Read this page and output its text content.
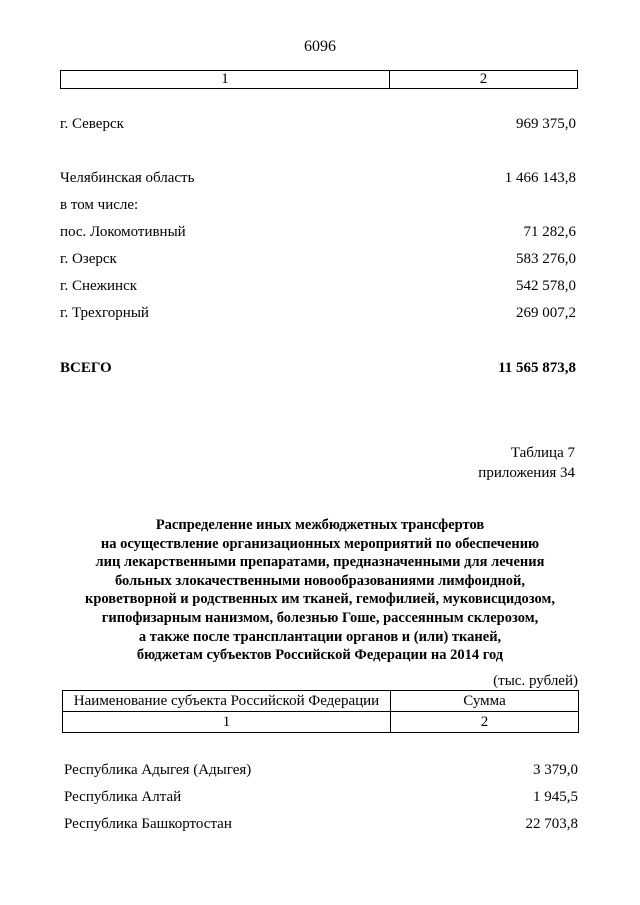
6096
1	2
г. Северск	969 375,0
Челябинская область	1 466 143,8
в том числе:
пос. Локомотивный	71 282,6
г. Озерск	583 276,0
г. Снежинск	542 578,0
г. Трехгорный	269 007,2
ВСЕГО	11 565 873,8
Таблица 7
приложения 34
Распределение иных межбюджетных трансфертов
на осуществление организационных мероприятий по обеспечению
лиц лекарственными препаратами, предназначенными для лечения
больных злокачественными новообразованиями лимфоидной,
кроветворной и родственных им тканей, гемофилией, муковисцидозом,
гипофизарным нанизмом, болезнью Гоше, рассеянным склерозом,
а также после трансплантации органов и (или) тканей,
бюджетам субъектов Российской Федерации на 2014 год
(тыс. рублей)
Наименование субъекта Российской Федерации	Сумма
1	2
Республика Адыгея (Адыгея)	3 379,0
Республика Алтай	1 945,5
Республика Башкортостан	22 703,8
